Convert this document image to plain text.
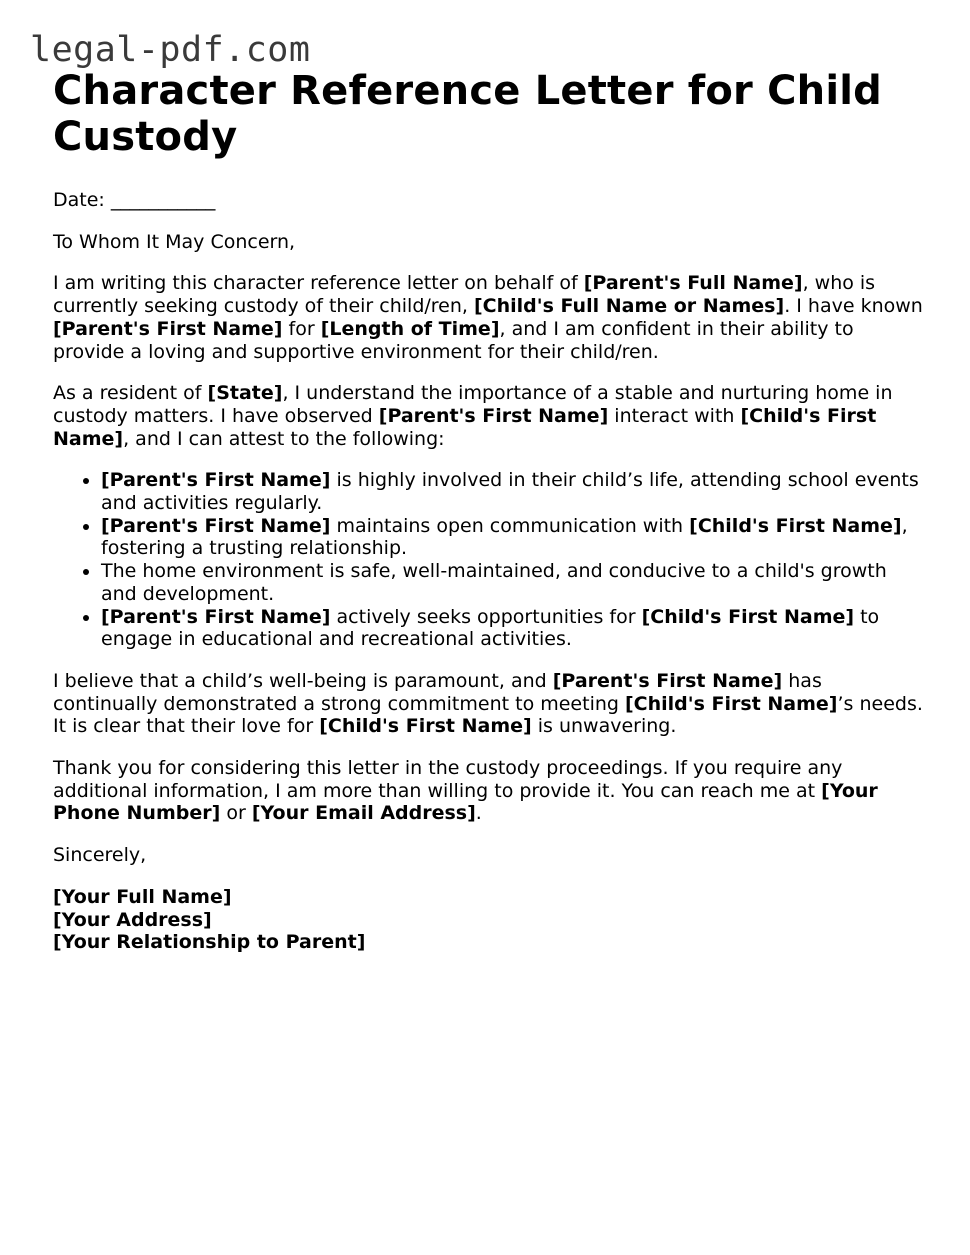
legal-pdf.com
Character Reference Letter for Child Custody

Date: ___________

To Whom It May Concern,

I am writing this character reference letter on behalf of [Parent's Full Name], who is currently seeking custody of their child/ren, [Child's Full Name or Names]. I have known [Parent's First Name] for [Length of Time], and I am confident in their ability to provide a loving and supportive environment for their child/ren.

As a resident of [State], I understand the importance of a stable and nurturing home in custody matters. I have observed [Parent's First Name] interact with [Child's First Name], and I can attest to the following:

• [Parent's First Name] is highly involved in their child’s life, attending school events and activities regularly.
• [Parent's First Name] maintains open communication with [Child's First Name], fostering a trusting relationship.
• The home environment is safe, well-maintained, and conducive to a child's growth and development.
• [Parent's First Name] actively seeks opportunities for [Child's First Name] to engage in educational and recreational activities.

I believe that a child’s well-being is paramount, and [Parent's First Name] has continually demonstrated a strong commitment to meeting [Child's First Name]’s needs. It is clear that their love for [Child's First Name] is unwavering.

Thank you for considering this letter in the custody proceedings. If you require any additional information, I am more than willing to provide it. You can reach me at [Your Phone Number] or [Your Email Address].

Sincerely,

[Your Full Name]
[Your Address]
[Your Relationship to Parent]
